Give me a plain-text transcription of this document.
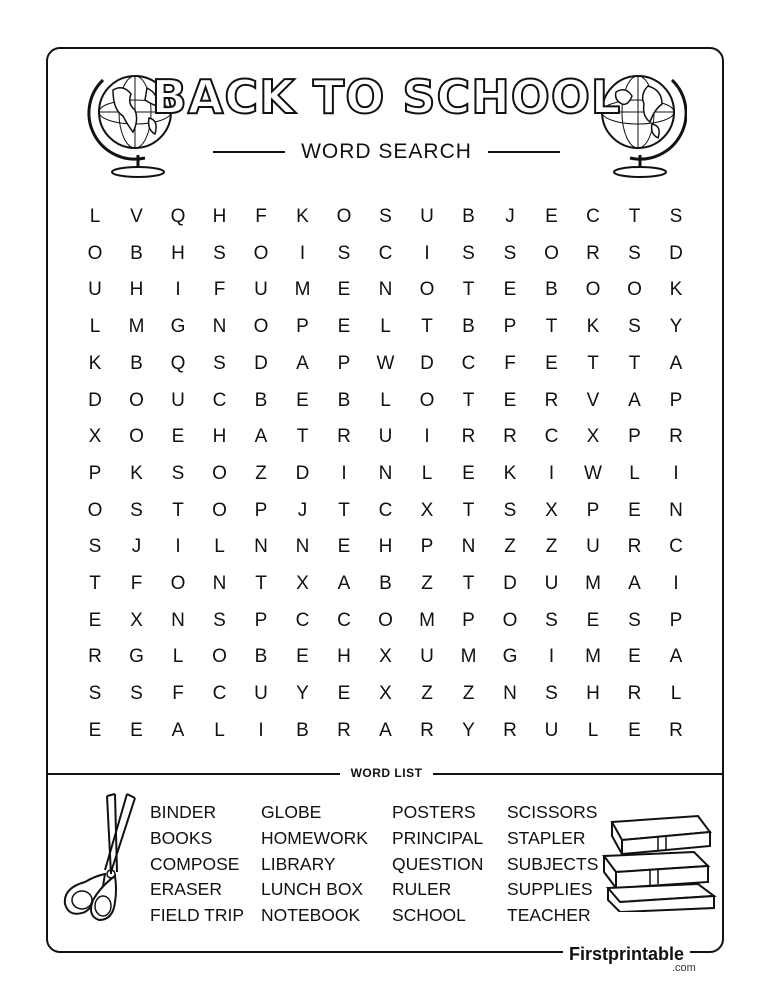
BACK TO SCHOOL
WORD SEARCH
L	V	Q	H	F	K	O	S	U	B	J	E	C	T	S
O	B	H	S	O	I	S	C	I	S	S	O	R	S	D
U	H	I	F	U	M	E	N	O	T	E	B	O	O	K
L	M	G	N	O	P	E	L	T	B	P	T	K	S	Y
K	B	Q	S	D	A	P	W	D	C	F	E	T	T	A
D	O	U	C	B	E	B	L	O	T	E	R	V	A	P
X	O	E	H	A	T	R	U	I	R	R	C	X	P	R
P	K	S	O	Z	D	I	N	L	E	K	I	W	L	I
O	S	T	O	P	J	T	C	X	T	S	X	P	E	N
S	J	I	L	N	N	E	H	P	N	Z	Z	U	R	C
T	F	O	N	T	X	A	B	Z	T	D	U	M	A	I
E	X	N	S	P	C	C	O	M	P	O	S	E	S	P
R	G	L	O	B	E	H	X	U	M	G	I	M	E	A
S	S	F	C	U	Y	E	X	Z	Z	N	S	H	R	L
E	E	A	L	I	B	R	A	R	Y	R	U	L	E	R
WORD LIST
BINDER
BOOKS
COMPOSE
ERASER
FIELD TRIP
GLOBE
HOMEWORK
LIBRARY
LUNCH BOX
NOTEBOOK
POSTERS
PRINCIPAL
QUESTION
RULER
SCHOOL
SCISSORS
STAPLER
SUBJECTS
SUPPLIES
TEACHER
Firstprintable
.com
